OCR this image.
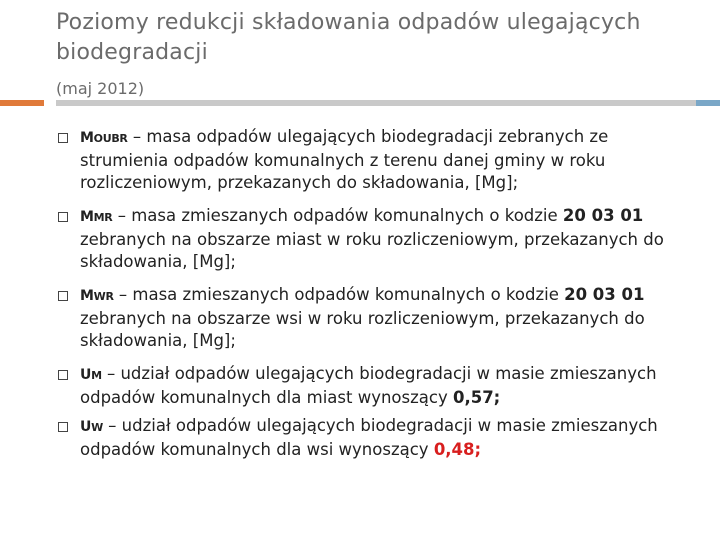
Poziomy redukcji składowania odpadów ulegających biodegradacji
(maj 2012)
MOUBR – masa odpadów ulegających biodegradacji zebranych ze strumienia odpadów komunalnych z terenu danej gminy w roku rozliczeniowym, przekazanych do składowania, [Mg];
MMR – masa zmieszanych odpadów komunalnych o kodzie 20 03 01 zebranych na obszarze miast w roku rozliczeniowym, przekazanych do składowania, [Mg];
MWR – masa zmieszanych odpadów komunalnych o kodzie 20 03 01 zebranych na obszarze wsi w roku rozliczeniowym, przekazanych do składowania, [Mg];
UM – udział odpadów ulegających biodegradacji w masie zmieszanych odpadów komunalnych dla miast wynoszący 0,57;
UW – udział odpadów ulegających biodegradacji w masie zmieszanych odpadów komunalnych dla wsi wynoszący 0,48;
